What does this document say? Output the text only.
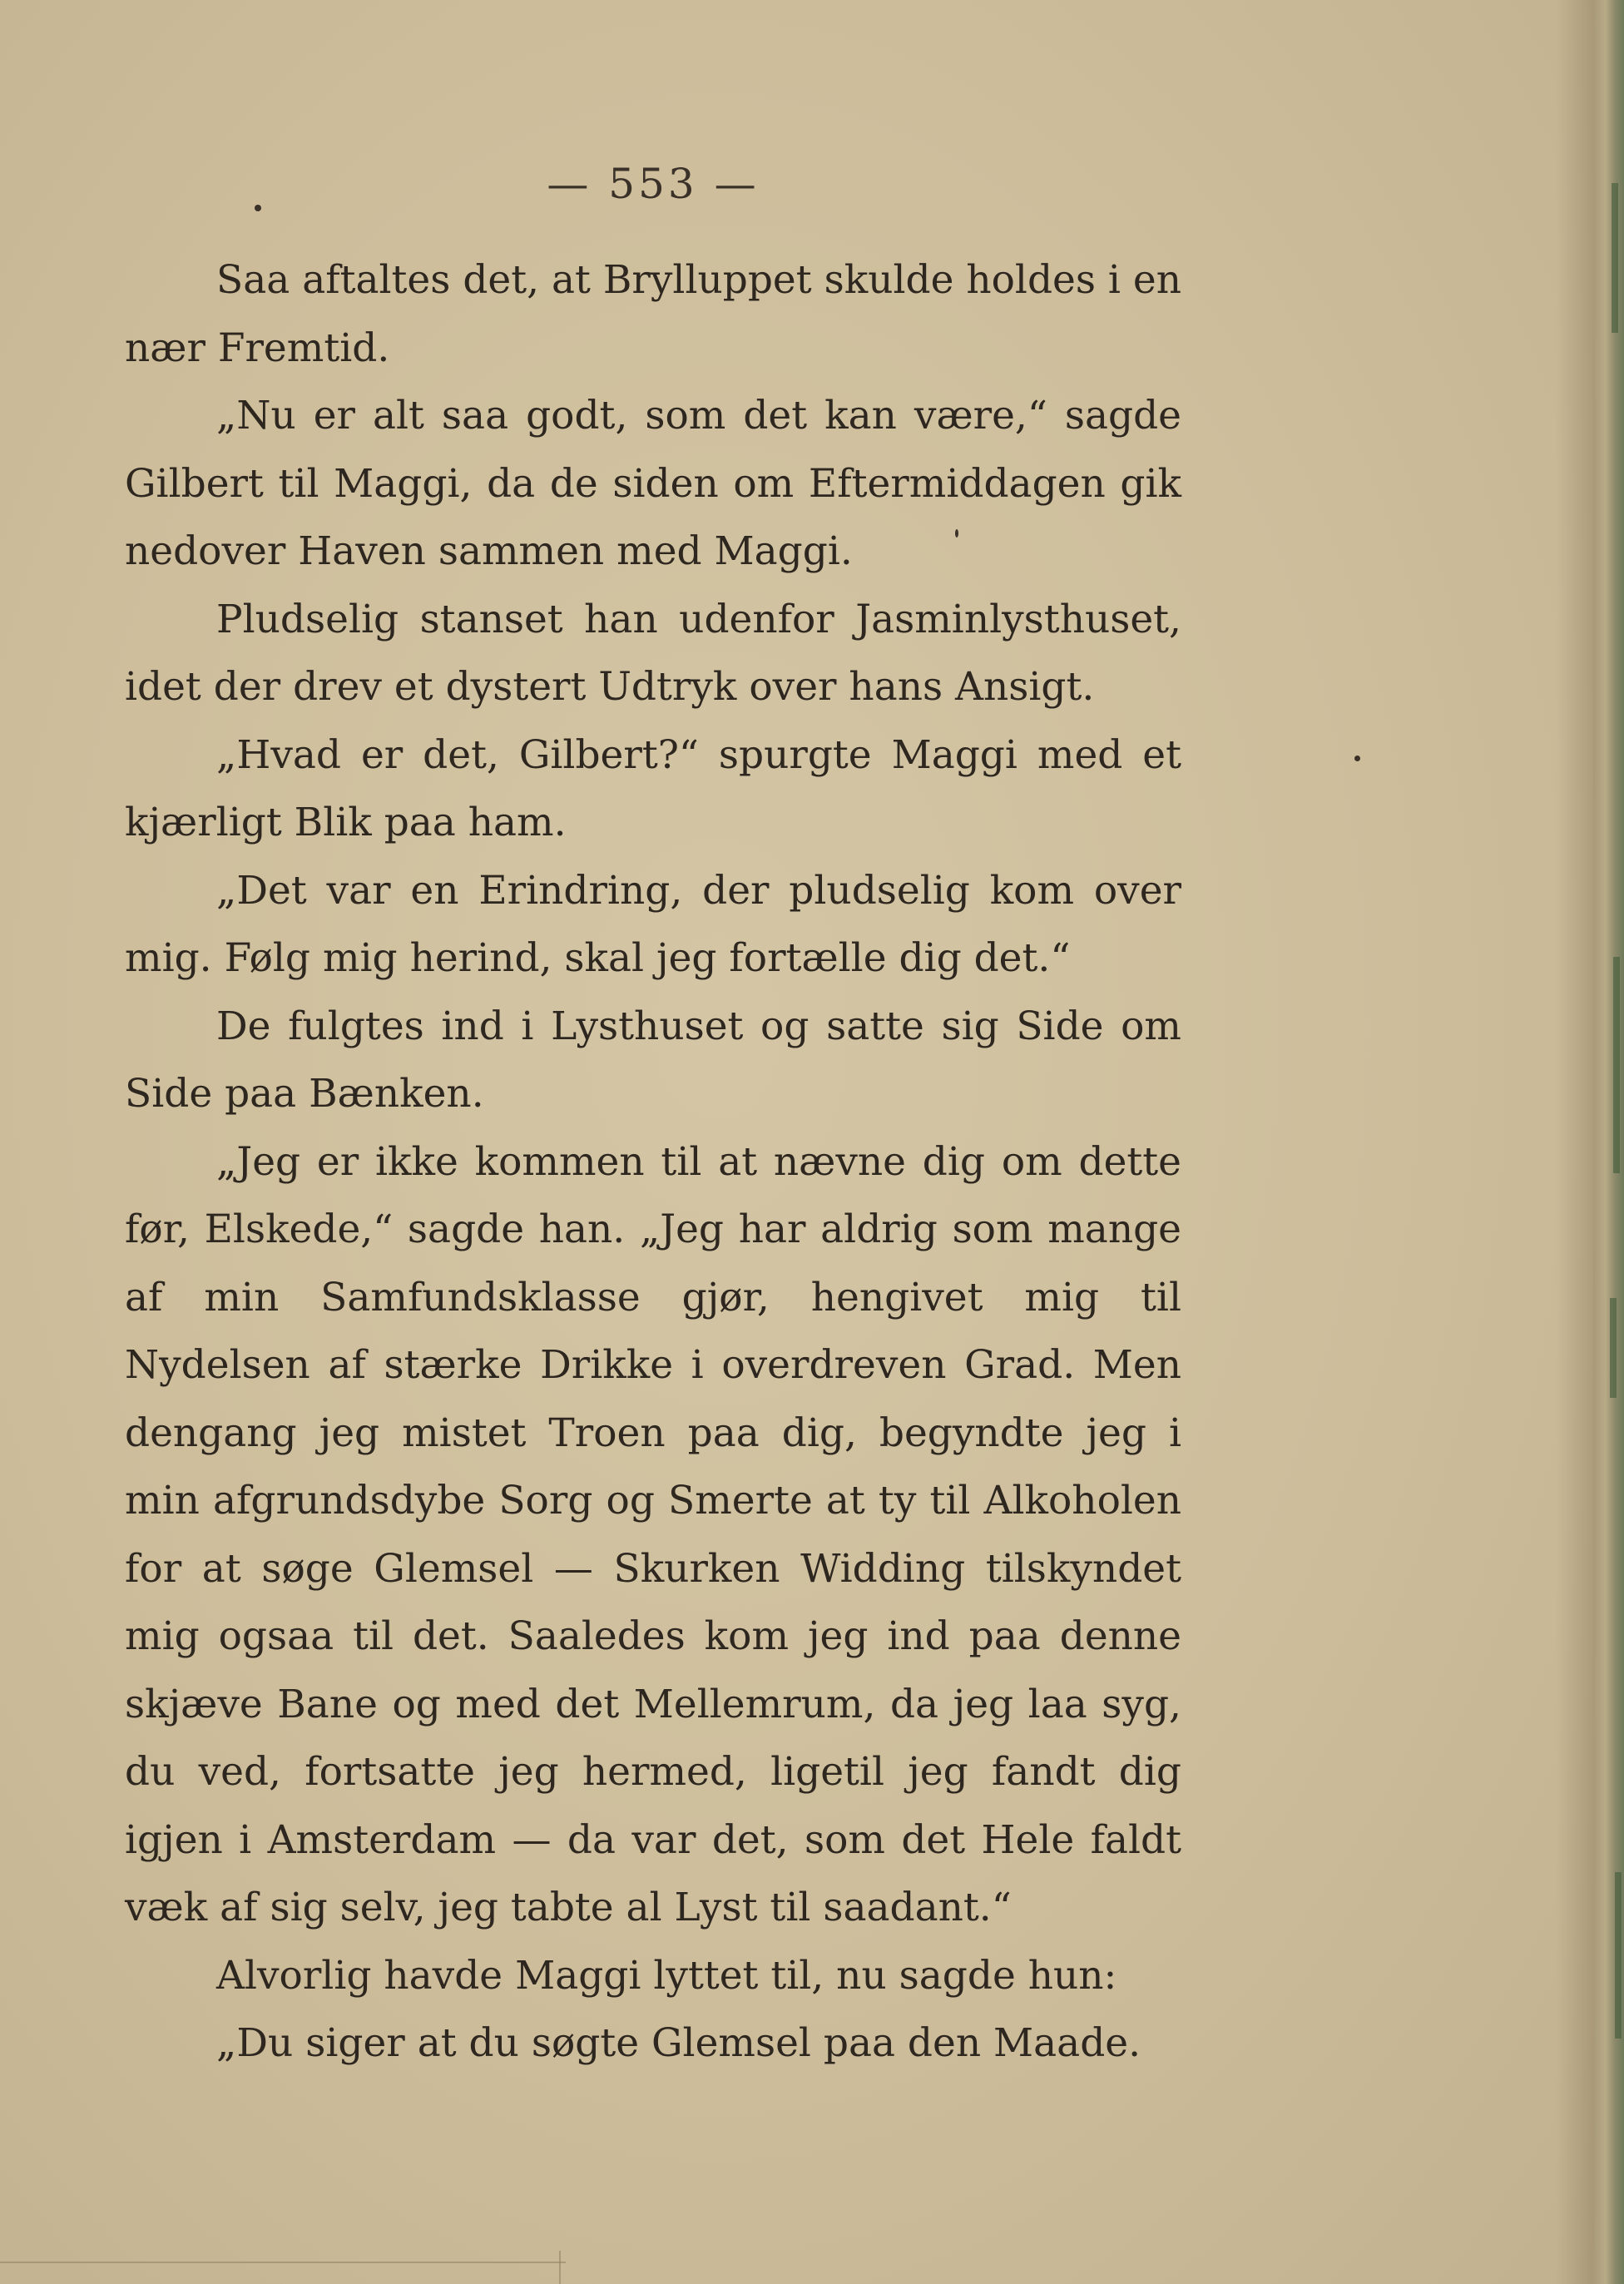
— 553 —

Saa aftaltes det, at Brylluppet skulde holdes i en nær Fremtid.

„Nu er alt saa godt, som det kan være,“ sagde Gilbert til Maggi, da de siden om Eftermiddagen gik nedover Haven sammen med Maggi.

Pludselig stanset han udenfor Jasminlysthuset, idet der drev et dystert Udtryk over hans Ansigt.

„Hvad er det, Gilbert?“ spurgte Maggi med et kjærligt Blik paa ham.

„Det var en Erindring, der pludselig kom over mig. Følg mig herind, skal jeg fortælle dig det.“

De fulgtes ind i Lysthuset og satte sig Side om Side paa Bænken.

„Jeg er ikke kommen til at nævne dig om dette før, Elskede,“ sagde han. „Jeg har aldrig som mange af min Samfundsklasse gjør, hengivet mig til Nydelsen af stærke Drikke i overdreven Grad. Men dengang jeg mistet Troen paa dig, begyndte jeg i min afgrundsdybe Sorg og Smerte at ty til Alkoholen for at søge Glemsel — Skurken Widding tilskyndet mig ogsaa til det. Saaledes kom jeg ind paa denne skjæve Bane og med det Mellemrum, da jeg laa syg, du ved, fortsatte jeg hermed, ligetil jeg fandt dig igjen i Amsterdam — da var det, som det Hele faldt væk af sig selv, jeg tabte al Lyst til saadant.“

Alvorlig havde Maggi lyttet til, nu sagde hun:

„Du siger at du søgte Glemsel paa den Maade.
